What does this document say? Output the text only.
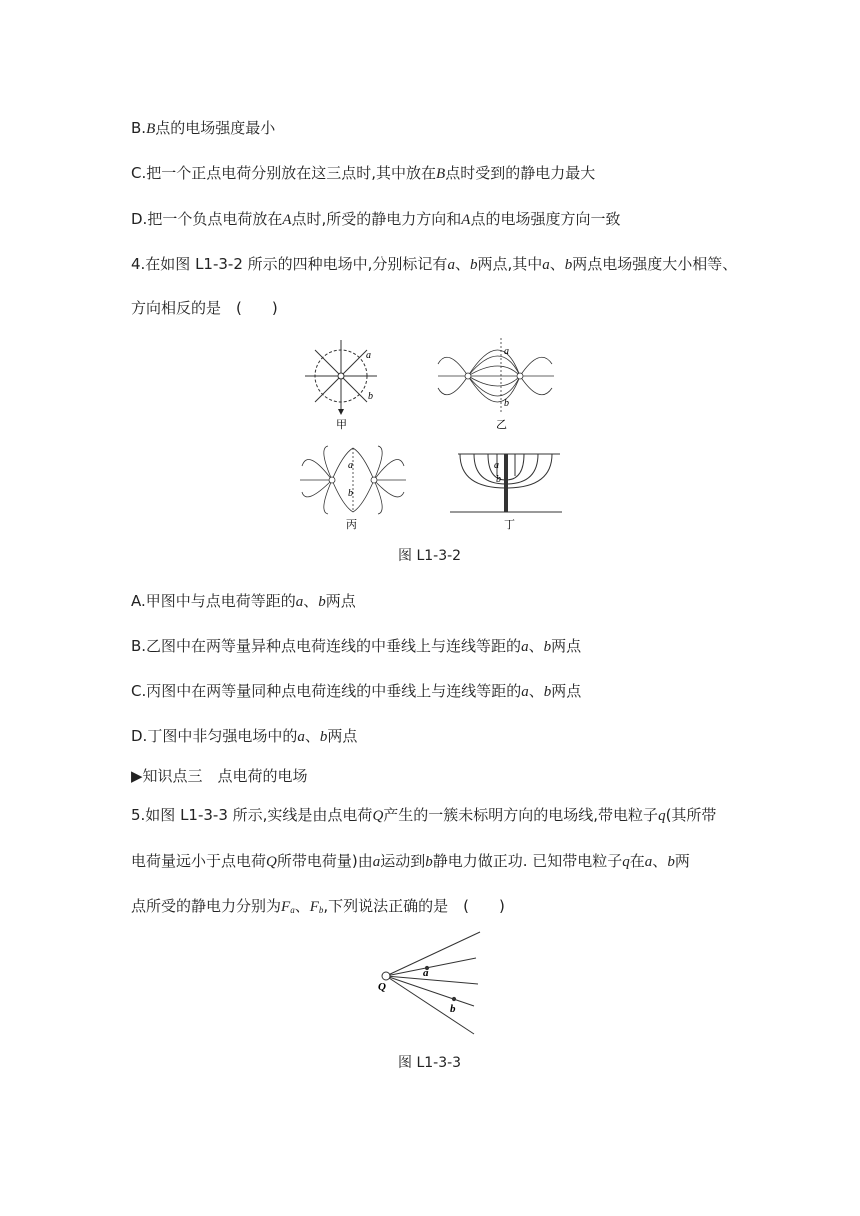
B.B点的电场强度最小
C.把一个正点电荷分别放在这三点时,其中放在B点时受到的静电力最大
D.把一个负点电荷放在A点时,所受的静电力方向和A点的电场强度方向一致
4.在如图 L1-3-2 所示的四种电场中,分别标记有a、b两点,其中a、b两点电场强度大小相等、
方向相反的是　(　　)
a
b
甲
a
b
乙
a
b
丙
a
b
丁
图 L1-3-2
A.甲图中与点电荷等距的a、b两点
B.乙图中在两等量异种点电荷连线的中垂线上与连线等距的a、b两点
C.丙图中在两等量同种点电荷连线的中垂线上与连线等距的a、b两点
D.丁图中非匀强电场中的a、b两点
▶知识点三　点电荷的电场
5.如图 L1-3-3 所示,实线是由点电荷Q产生的一簇未标明方向的电场线,带电粒子q(其所带
电荷量远小于点电荷Q所带电荷量)由a运动到b静电力做正功. 已知带电粒子q在a、b两
点所受的静电力分别为$F_a$、$F_b$,下列说法正确的是　(　　)
Q
a
b
图 L1-3-3
